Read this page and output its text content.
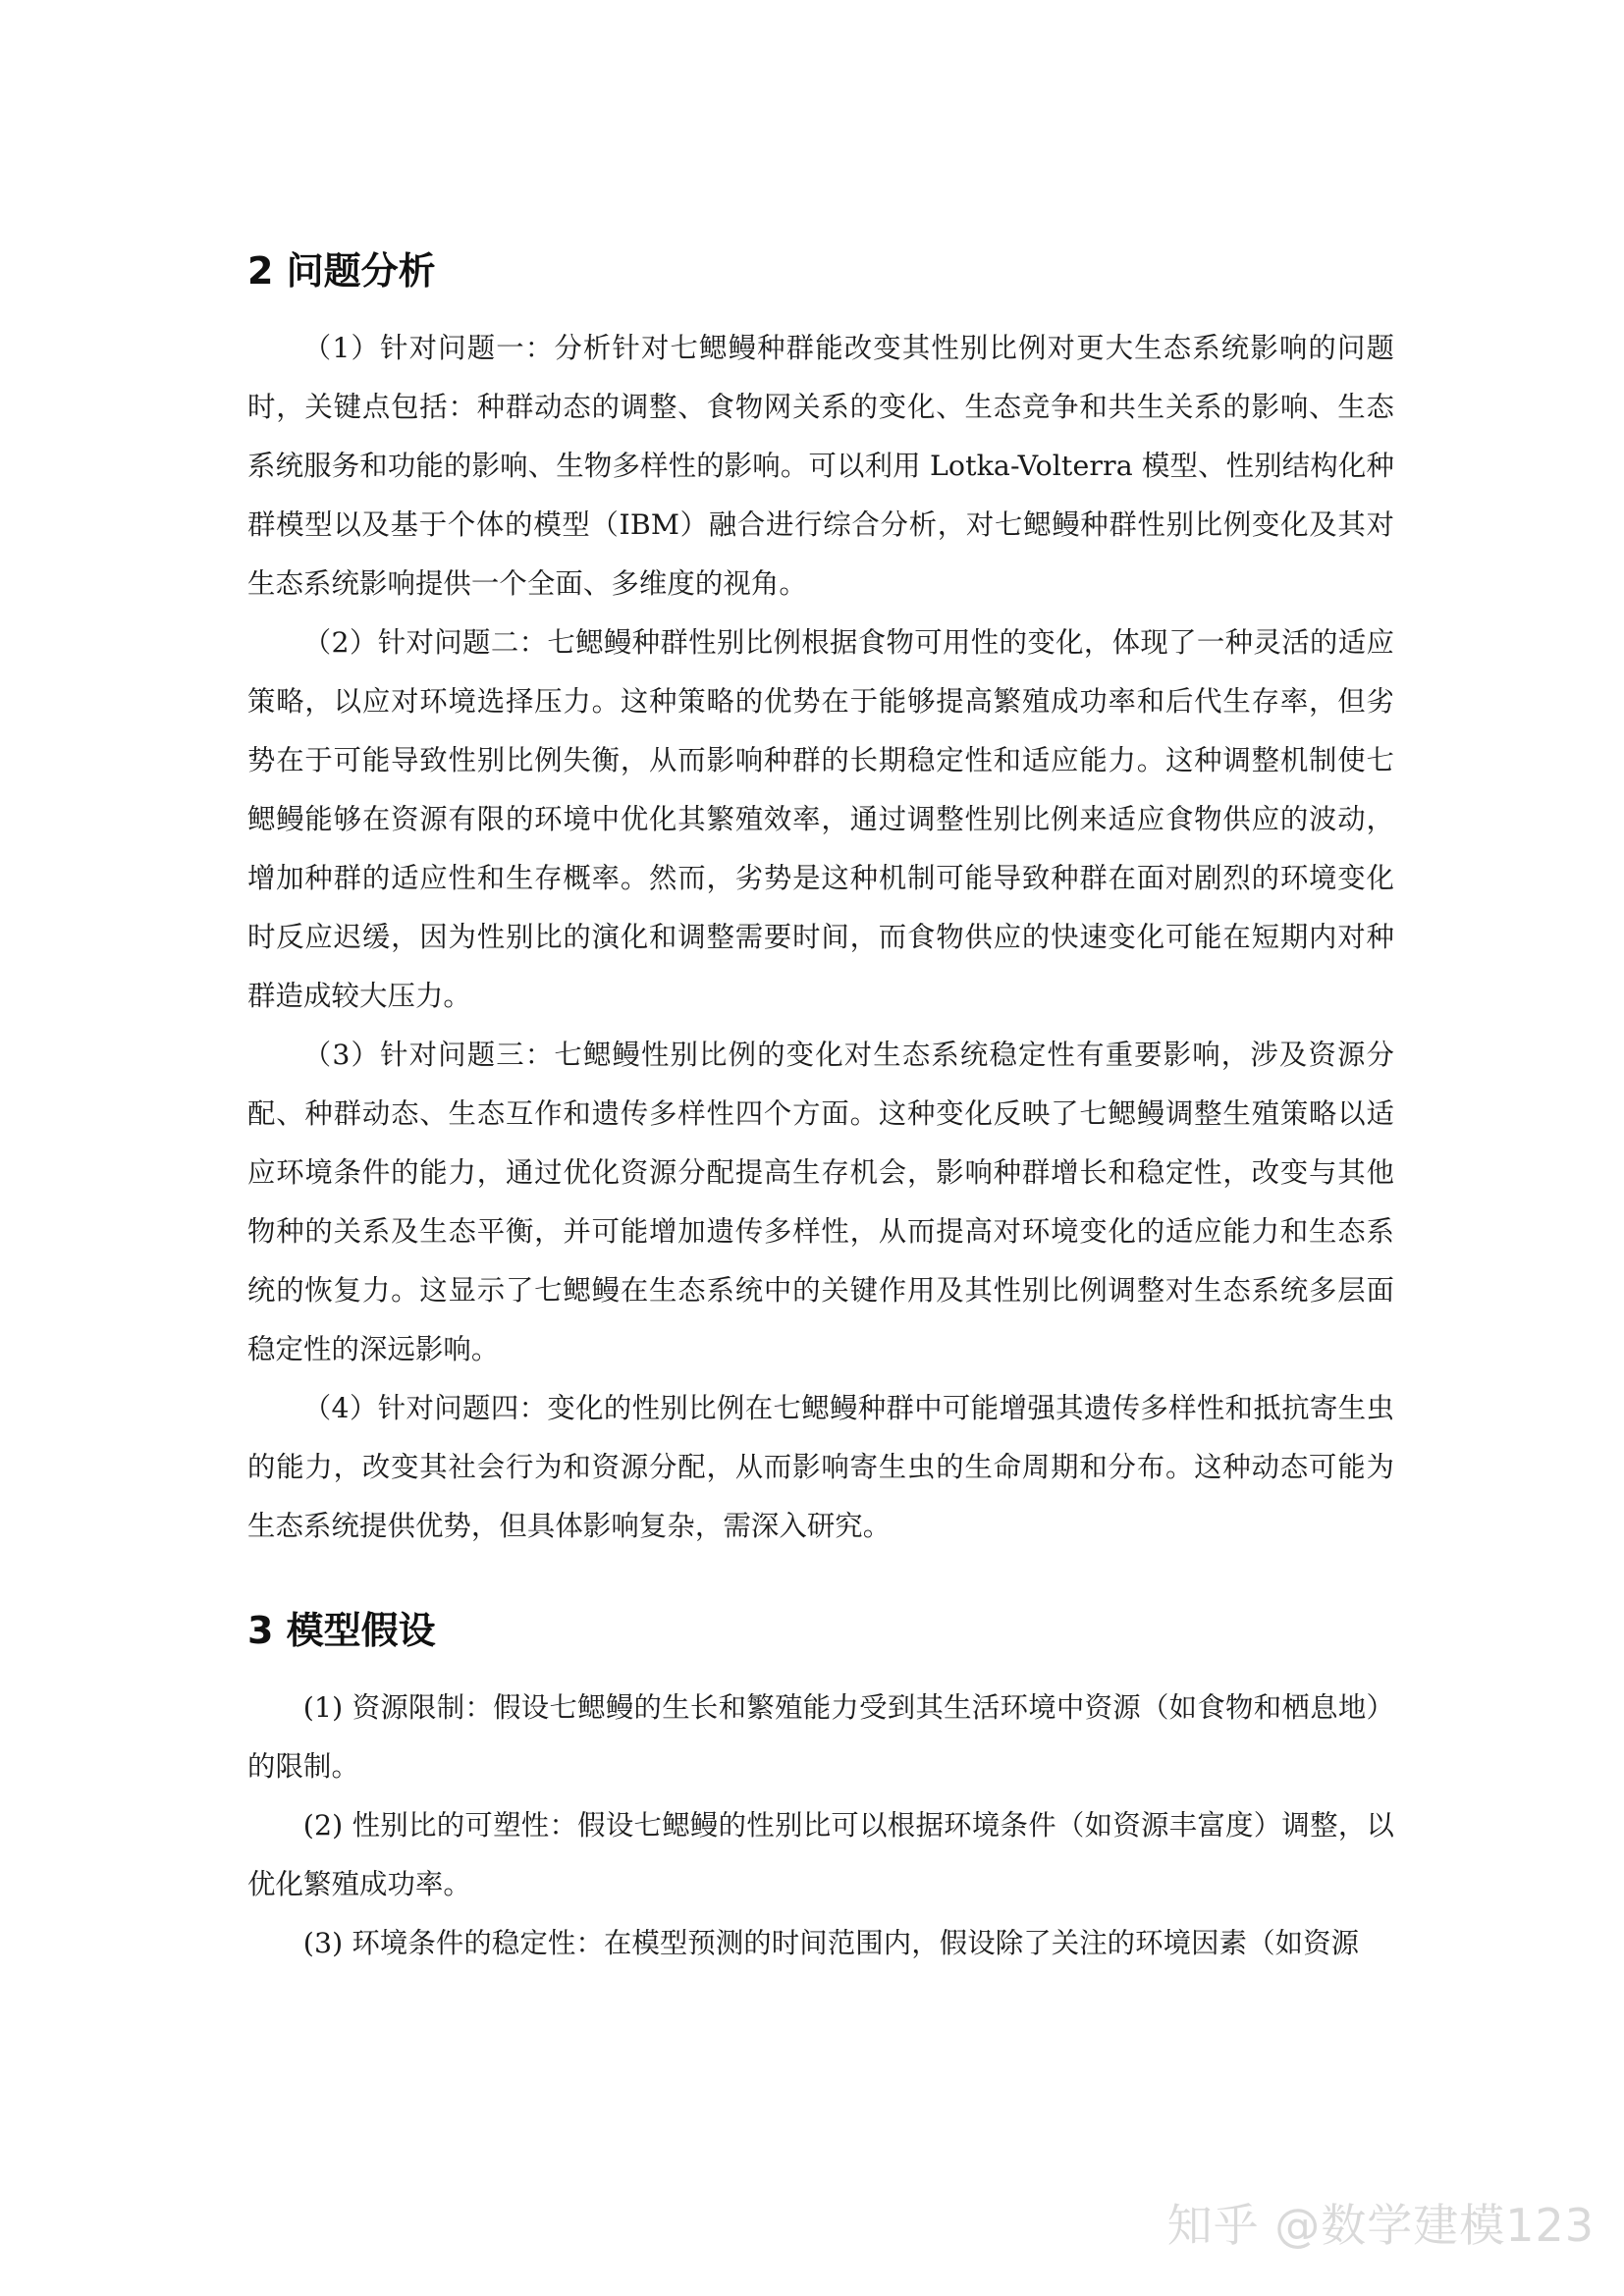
2 问题分析

（1）针对问题一：分析针对七鳃鳗种群能改变其性别比例对更大生态系统影响的问题时，关键点包括：种群动态的调整、食物网关系的变化、生态竞争和共生关系的影响、生态系统服务和功能的影响、生物多样性的影响。可以利用 Lotka-Volterra 模型、性别结构化种群模型以及基于个体的模型（IBM）融合进行综合分析，对七鳃鳗种群性别比例变化及其对生态系统影响提供一个全面、多维度的视角。

（2）针对问题二：七鳃鳗种群性别比例根据食物可用性的变化，体现了一种灵活的适应策略，以应对环境选择压力。这种策略的优势在于能够提高繁殖成功率和后代生存率，但劣势在于可能导致性别比例失衡，从而影响种群的长期稳定性和适应能力。这种调整机制使七鳃鳗能够在资源有限的环境中优化其繁殖效率，通过调整性别比例来适应食物供应的波动，增加种群的适应性和生存概率。然而，劣势是这种机制可能导致种群在面对剧烈的环境变化时反应迟缓，因为性别比的演化和调整需要时间，而食物供应的快速变化可能在短期内对种群造成较大压力。

（3）针对问题三：七鳃鳗性别比例的变化对生态系统稳定性有重要影响，涉及资源分配、种群动态、生态互作和遗传多样性四个方面。这种变化反映了七鳃鳗调整生殖策略以适应环境条件的能力，通过优化资源分配提高生存机会，影响种群增长和稳定性，改变与其他物种的关系及生态平衡，并可能增加遗传多样性，从而提高对环境变化的适应能力和生态系统的恢复力。这显示了七鳃鳗在生态系统中的关键作用及其性别比例调整对生态系统多层面稳定性的深远影响。

（4）针对问题四：变化的性别比例在七鳃鳗种群中可能增强其遗传多样性和抵抗寄生虫的能力，改变其社会行为和资源分配，从而影响寄生虫的生命周期和分布。这种动态可能为生态系统提供优势，但具体影响复杂，需深入研究。

3 模型假设

(1) 资源限制：假设七鳃鳗的生长和繁殖能力受到其生活环境中资源（如食物和栖息地）的限制。

(2) 性别比的可塑性：假设七鳃鳗的性别比可以根据环境条件（如资源丰富度）调整，以优化繁殖成功率。

(3) 环境条件的稳定性：在模型预测的时间范围内，假设除了关注的环境因素（如资源

知乎 @数学建模123
